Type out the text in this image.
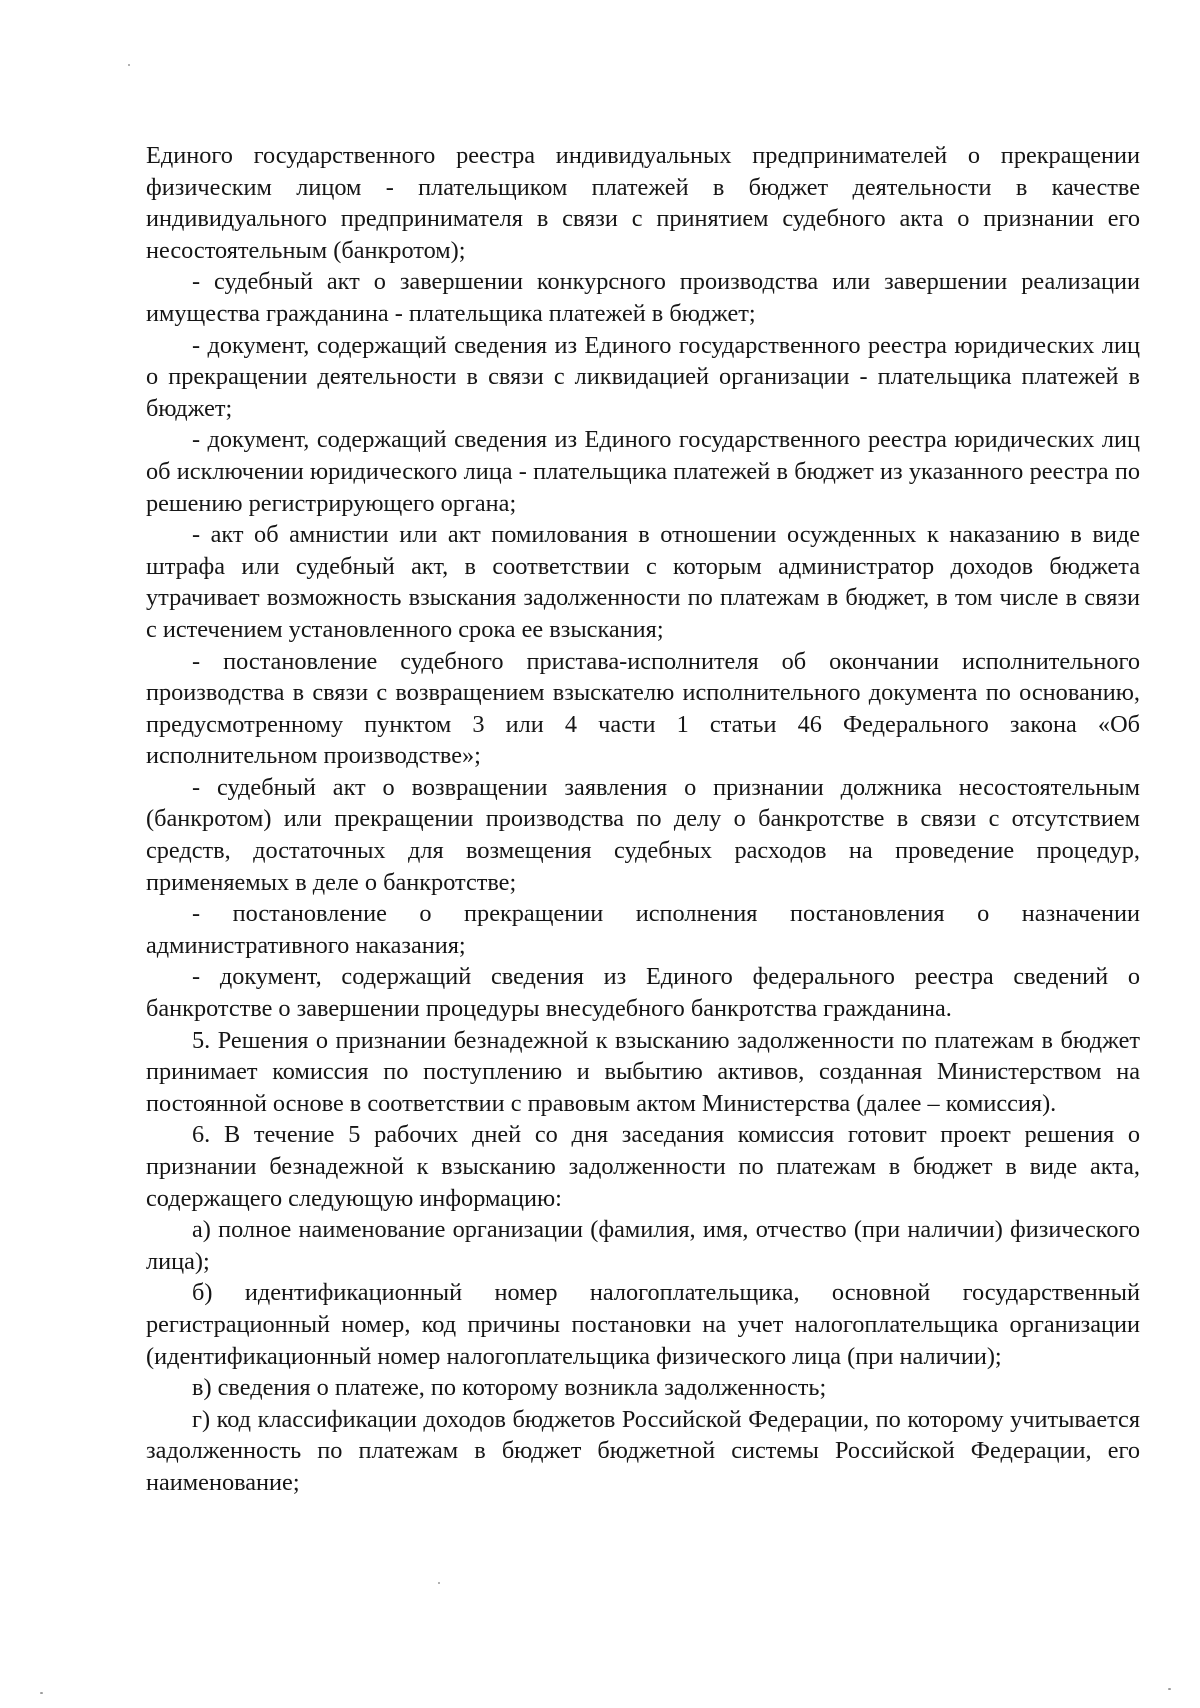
Единого государственного реестра индивидуальных предпринимателей о прекращении физическим лицом - плательщиком платежей в бюджет деятельности в качестве индивидуального предпринимателя в связи с принятием судебного акта о признании его несостоятельным (банкротом);

- судебный акт о завершении конкурсного производства или завершении реализации имущества гражданина - плательщика платежей в бюджет;

- документ, содержащий сведения из Единого государственного реестра юридических лиц о прекращении деятельности в связи с ликвидацией организации - плательщика платежей в бюджет;

- документ, содержащий сведения из Единого государственного реестра юридических лиц об исключении юридического лица - плательщика платежей в бюджет из указанного реестра по решению регистрирующего органа;

- акт об амнистии или акт помилования в отношении осужденных к наказанию в виде штрафа или судебный акт, в соответствии с которым администратор доходов бюджета утрачивает возможность взыскания задолженности по платежам в бюджет, в том числе в связи с истечением установленного срока ее взыскания;

- постановление судебного пристава-исполнителя об окончании исполнительного производства в связи с возвращением взыскателю исполнительного документа по основанию, предусмотренному пунктом 3 или 4 части 1 статьи 46 Федерального закона «Об исполнительном производстве»;

- судебный акт о возвращении заявления о признании должника несостоятельным (банкротом) или прекращении производства по делу о банкротстве в связи с отсутствием средств, достаточных для возмещения судебных расходов на проведение процедур, применяемых в деле о банкротстве;

- постановление о прекращении исполнения постановления о назначении административного наказания;

- документ, содержащий сведения из Единого федерального реестра сведений о банкротстве о завершении процедуры внесудебного банкротства гражданина.

5. Решения о признании безнадежной к взысканию задолженности по платежам в бюджет принимает комиссия по поступлению и выбытию активов, созданная Министерством на постоянной основе в соответствии с правовым актом Министерства (далее – комиссия).

6. В течение 5 рабочих дней со дня заседания комиссия готовит проект решения о признании безнадежной к взысканию задолженности по платежам в бюджет в виде акта, содержащего следующую информацию:

а) полное наименование организации (фамилия, имя, отчество (при наличии) физического лица);

б) идентификационный номер налогоплательщика, основной государственный регистрационный номер, код причины постановки на учет налогоплательщика организации (идентификационный номер налогоплательщика физического лица (при наличии);

в) сведения о платеже, по которому возникла задолженность;

г) код классификации доходов бюджетов Российской Федерации, по которому учитывается задолженность по платежам в бюджет бюджетной системы Российской Федерации, его наименование;
